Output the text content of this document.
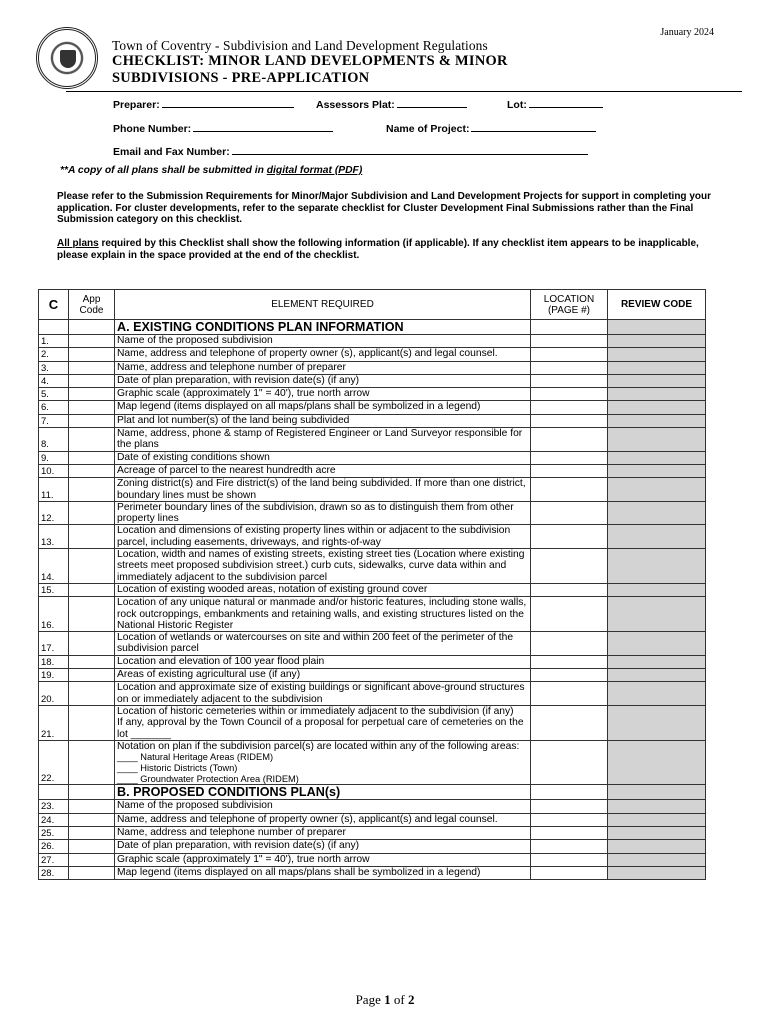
January 2024
Town of Coventry - Subdivision and Land Development Regulations
CHECKLIST: MINOR LAND DEVELOPMENTS & MINOR
SUBDIVISIONS - PRE-APPLICATION
Preparer:	Assessors Plat:	Lot:
Phone Number:	Name of Project:
Email and Fax Number:
**A copy of all plans shall be submitted in digital format (PDF)
Please refer to the Submission Requirements for Minor/Major Subdivision and Land Development Projects for support in completing your application. For cluster developments, refer to the separate checklist for Cluster Development Final Submissions rather than the Final Submission category on this checklist.
All plans required by this Checklist shall show the following information (if applicable). If any checklist item appears to be inapplicable, please explain in the space provided at the end of the checklist.
C	App Code	ELEMENT REQUIRED	LOCATION (PAGE #)	REVIEW CODE
		A. EXISTING CONDITIONS PLAN INFORMATION		
1.		Name of the proposed subdivision		
2.		Name, address and telephone of property owner (s), applicant(s) and legal counsel.		
3.		Name, address and telephone number of preparer		
4.		Date of plan preparation, with revision date(s) (if any)		
5.		Graphic scale (approximately 1" = 40'), true north arrow		
6.		Map legend (items displayed on all maps/plans shall be symbolized in a legend)		
7.		Plat and lot number(s) of the land being subdivided		
8.		Name, address, phone & stamp of Registered Engineer or Land Surveyor responsible for the plans		
9.		Date of existing conditions shown		
10.		Acreage of parcel to the nearest hundredth acre		
11.		Zoning district(s) and Fire district(s) of the land being subdivided. If more than one district, boundary lines must be shown		
12.		Perimeter boundary lines of the subdivision, drawn so as to distinguish them from other property lines		
13.		Location and dimensions of existing property lines within or adjacent to the subdivision parcel, including easements, driveways, and rights-of-way		
14.		Location, width and names of existing streets, existing street ties (Location where existing streets meet proposed subdivision street.) curb cuts, sidewalks, curve data within and immediately adjacent to the subdivision parcel		
15.		Location of existing wooded areas, notation of existing ground cover		
16.		Location of any unique natural or manmade and/or historic features, including stone walls, rock outcroppings, embankments and retaining walls, and existing structures listed on the National Historic Register		
17.		Location of wetlands or watercourses on site and within 200 feet of the perimeter of the subdivision parcel		
18.		Location and elevation of 100 year flood plain		
19.		Areas of existing agricultural use (if any)		
20.		Location and approximate size of existing buildings or significant above-ground structures on or immediately adjacent to the subdivision		
21.		Location of historic cemeteries within or immediately adjacent to the subdivision (if any)
If any, approval by the Town Council of a proposal for perpetual care of cemeteries on the lot _______		
22.		Notation on plan if the subdivision parcel(s) are located within any of the following areas:
____ Natural Heritage Areas (RIDEM)
____ Historic Districts (Town)
____ Groundwater Protection Area (RIDEM)		

		B. PROPOSED CONDITIONS PLAN(s)		
23.		Name of the proposed subdivision		
24.		Name, address and telephone of property owner (s), applicant(s) and legal counsel.		
25.		Name, address and telephone number of preparer		
26.		Date of plan preparation, with revision date(s) (if any)		
27.		Graphic scale (approximately 1" = 40'), true north arrow		
28.		Map legend (items displayed on all maps/plans shall be symbolized in a legend)		
Page 1 of 2
